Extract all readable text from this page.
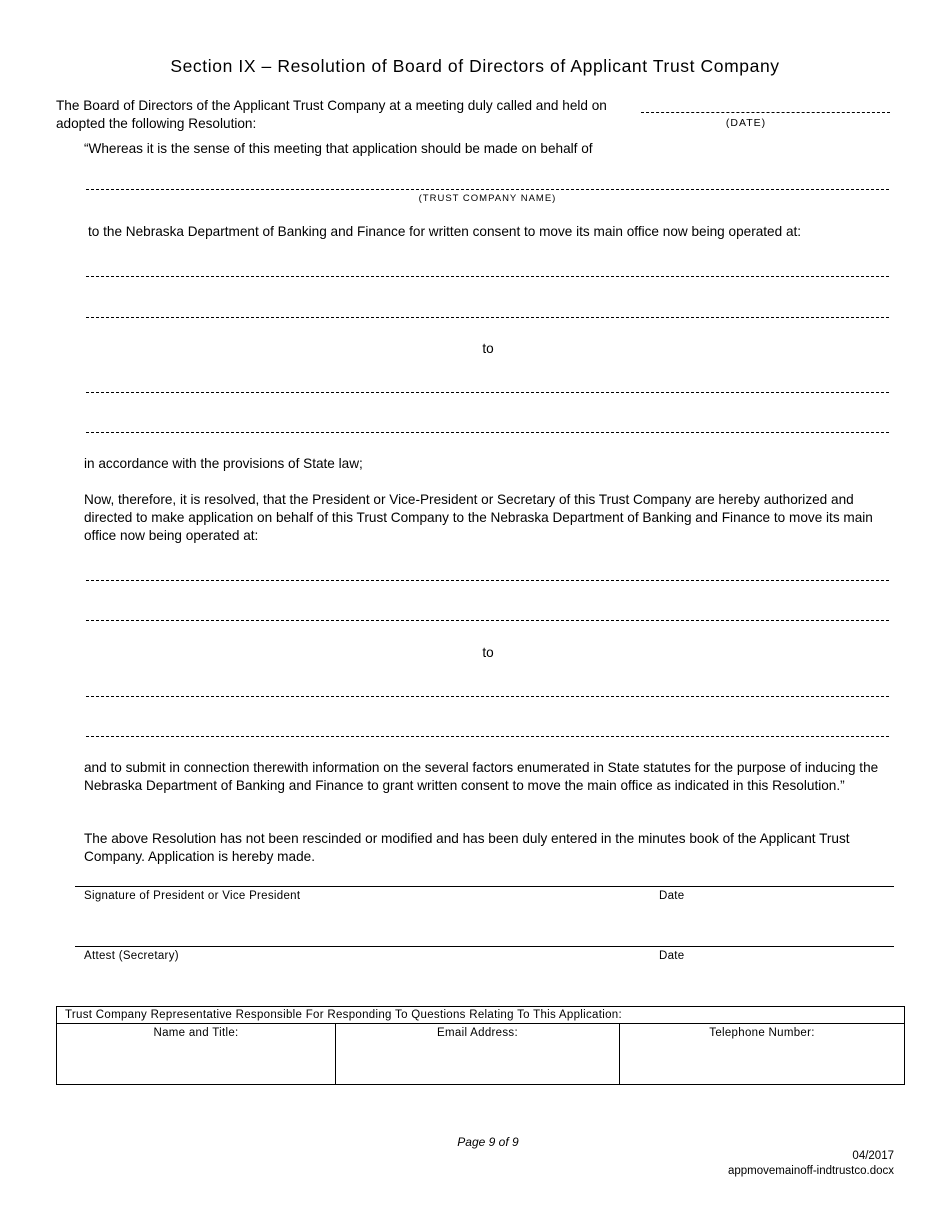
Section IX – Resolution of Board of Directors of Applicant Trust Company
The Board of Directors of the Applicant Trust Company at a meeting duly called and held on
adopted the following Resolution:	(DATE)
“Whereas it is the sense of this meeting that application should be made on behalf of
(TRUST COMPANY NAME)
to the Nebraska Department of Banking and Finance for written consent to move its main office now being operated at:
to
in accordance with the provisions of State law;
Now, therefore, it is resolved, that the President or Vice-President or Secretary of this Trust Company are hereby authorized and directed to make application on behalf of this Trust Company to the Nebraska Department of Banking and Finance to move its main office now being operated at:
to
and to submit in connection therewith information on the several factors enumerated in State statutes for the purpose of inducing the Nebraska Department of Banking and Finance to grant written consent to move the main office as indicated in this Resolution.”
The above Resolution has not been rescinded or modified and has been duly entered in the minutes book of the Applicant Trust Company. Application is hereby made.
Signature of President or Vice President	Date
Attest (Secretary)	Date
Trust Company Representative Responsible For Responding To Questions Relating To This Application:
Name and Title:	Email Address:	Telephone Number:
Page 9 of 9
04/2017
appmovemainoff-indtrustco.docx
